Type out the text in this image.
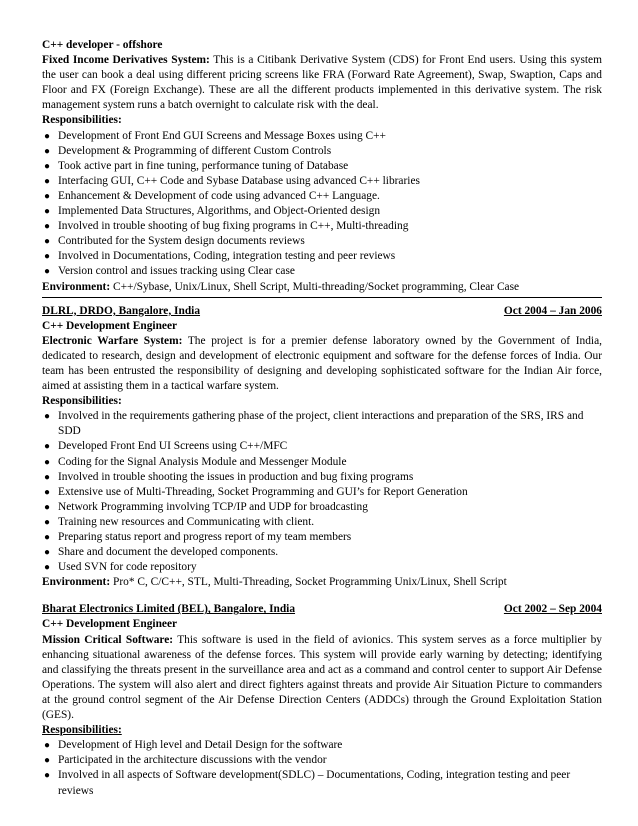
C++ developer - offshore
Fixed Income Derivatives System: This is a Citibank Derivative System (CDS) for Front End users. Using this system the user can book a deal using different pricing screens like FRA (Forward Rate Agreement), Swap, Swaption, Caps and Floor and FX (Foreign Exchange). These are all the different products implemented in this derivative system. The risk management system runs a batch overnight to calculate risk with the deal.
Responsibilities:
● Development of Front End GUI Screens and Message Boxes using C++
● Development & Programming of different Custom Controls
● Took active part in fine tuning, performance tuning of Database
● Interfacing GUI, C++ Code and Sybase Database using advanced C++ libraries
● Enhancement & Development of code using advanced C++ Language.
● Implemented Data Structures, Algorithms, and Object-Oriented design
● Involved in trouble shooting of bug fixing programs in C++, Multi-threading
● Contributed for the System design documents reviews
● Involved in Documentations, Coding, integration testing and peer reviews
● Version control and issues tracking using Clear case
Environment: C++/Sybase, Unix/Linux, Shell Script, Multi-threading/Socket programming, Clear Case
DLRL, DRDO, Bangalore, India	Oct 2004 – Jan 2006
C++ Development Engineer
Electronic Warfare System: The project is for a premier defense laboratory owned by the Government of India, dedicated to research, design and development of electronic equipment and software for the defense forces of India. Our team has been entrusted the responsibility of designing and developing sophisticated software for the Indian Air force, aimed at assisting them in a tactical warfare system.
Responsibilities:
● Involved in the requirements gathering phase of the project, client interactions and preparation of the SRS, IRS and SDD
● Developed Front End UI Screens using C++/MFC
● Coding for the Signal Analysis Module and Messenger Module
● Involved in trouble shooting the issues in production and bug fixing programs
● Extensive use of Multi-Threading, Socket Programming and GUI’s for Report Generation
● Network Programming involving TCP/IP and UDP for broadcasting
● Training new resources and Communicating with client.
● Preparing status report and progress report of my team members
● Share and document the developed components.
● Used SVN for code repository
Environment: Pro* C, C/C++, STL, Multi-Threading, Socket Programming Unix/Linux, Shell Script
Bharat Electronics Limited (BEL), Bangalore, India	Oct 2002 – Sep 2004
C++ Development Engineer
Mission Critical Software: This software is used in the field of avionics. This system serves as a force multiplier by enhancing situational awareness of the defense forces. This system will provide early warning by detecting; identifying and classifying the threats present in the surveillance area and act as a command and control center to support Air Defense Operations. The system will also alert and direct fighters against threats and provide Air Situation Picture to commanders at the ground control segment of the Air Defense Direction Centers (ADDCs) through the Ground Exploitation Station (GES).
Responsibilities:
● Development of High level and Detail Design for the software
● Participated in the architecture discussions with the vendor
● Involved in all aspects of Software development(SDLC) – Documentations, Coding, integration testing and peer reviews
